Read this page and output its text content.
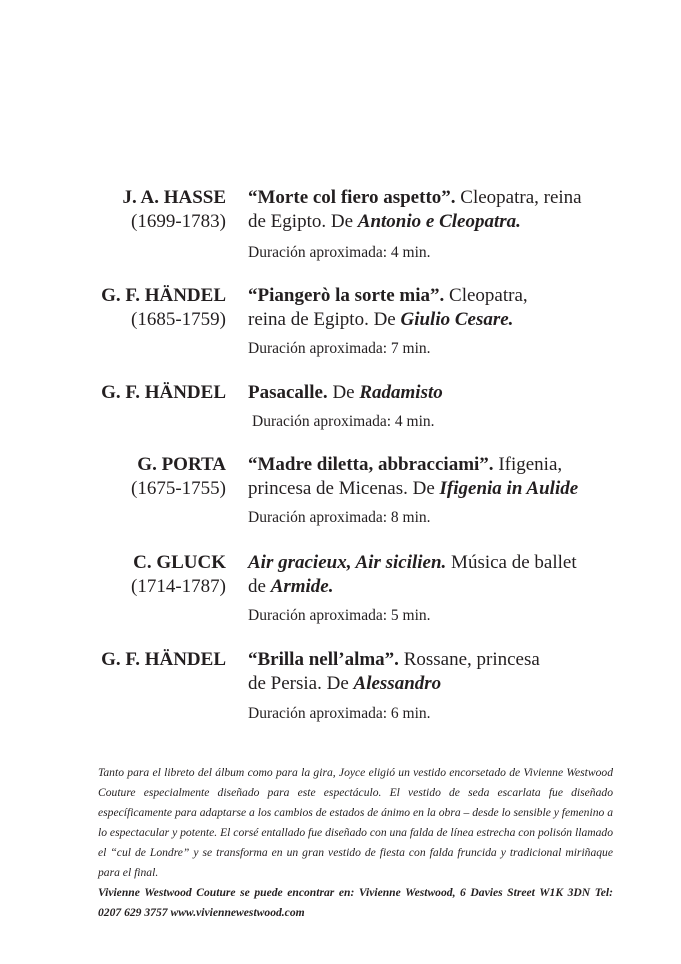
J. A. HASSE
(1699-1783)
“Morte col fiero aspetto”. Cleopatra, reina
de Egipto. De Antonio e Cleopatra.
Duración aproximada: 4 min.
G. F. HÄNDEL
(1685-1759)
“Piangerò la sorte mia”. Cleopatra,
reina de Egipto. De Giulio Cesare.
Duración aproximada: 7 min.
G. F. HÄNDEL Pasacalle. De Radamisto
Duración aproximada: 4 min.
G. PORTA
(1675-1755)
“Madre diletta, abbracciami”. Ifigenia,
princesa de Micenas. De Ifigenia in Aulide
Duración aproximada: 8 min.
C. GLUCK
(1714-1787)
Air gracieux, Air sicilien. Música de ballet
de Armide.
Duración aproximada: 5 min.
G. F. HÄNDEL “Brilla nell’alma”. Rossane, princesa
de Persia. De Alessandro
Duración aproximada: 6 min.

Tanto para el libreto del álbum como para la gira, Joyce eligió un vestido encorsetado de Vivienne Westwood Couture especialmente diseñado para este espectáculo. El vestido de seda escarlata fue diseñado específicamente para adaptarse a los cambios de estados de ánimo en la obra – desde lo sensible y femenino a lo espectacular y potente. El corsé entallado fue diseñado con una falda de línea estrecha con polisón llamado el “cul de Londre” y se transforma en un gran vestido de fiesta con falda fruncida y tradicional miriñaque para el final.

Vivienne Westwood Couture se puede encontrar en: Vivienne Westwood, 6 Davies Street W1K 3DN Tel: 0207 629 3757 www.viviennewestwood.com
